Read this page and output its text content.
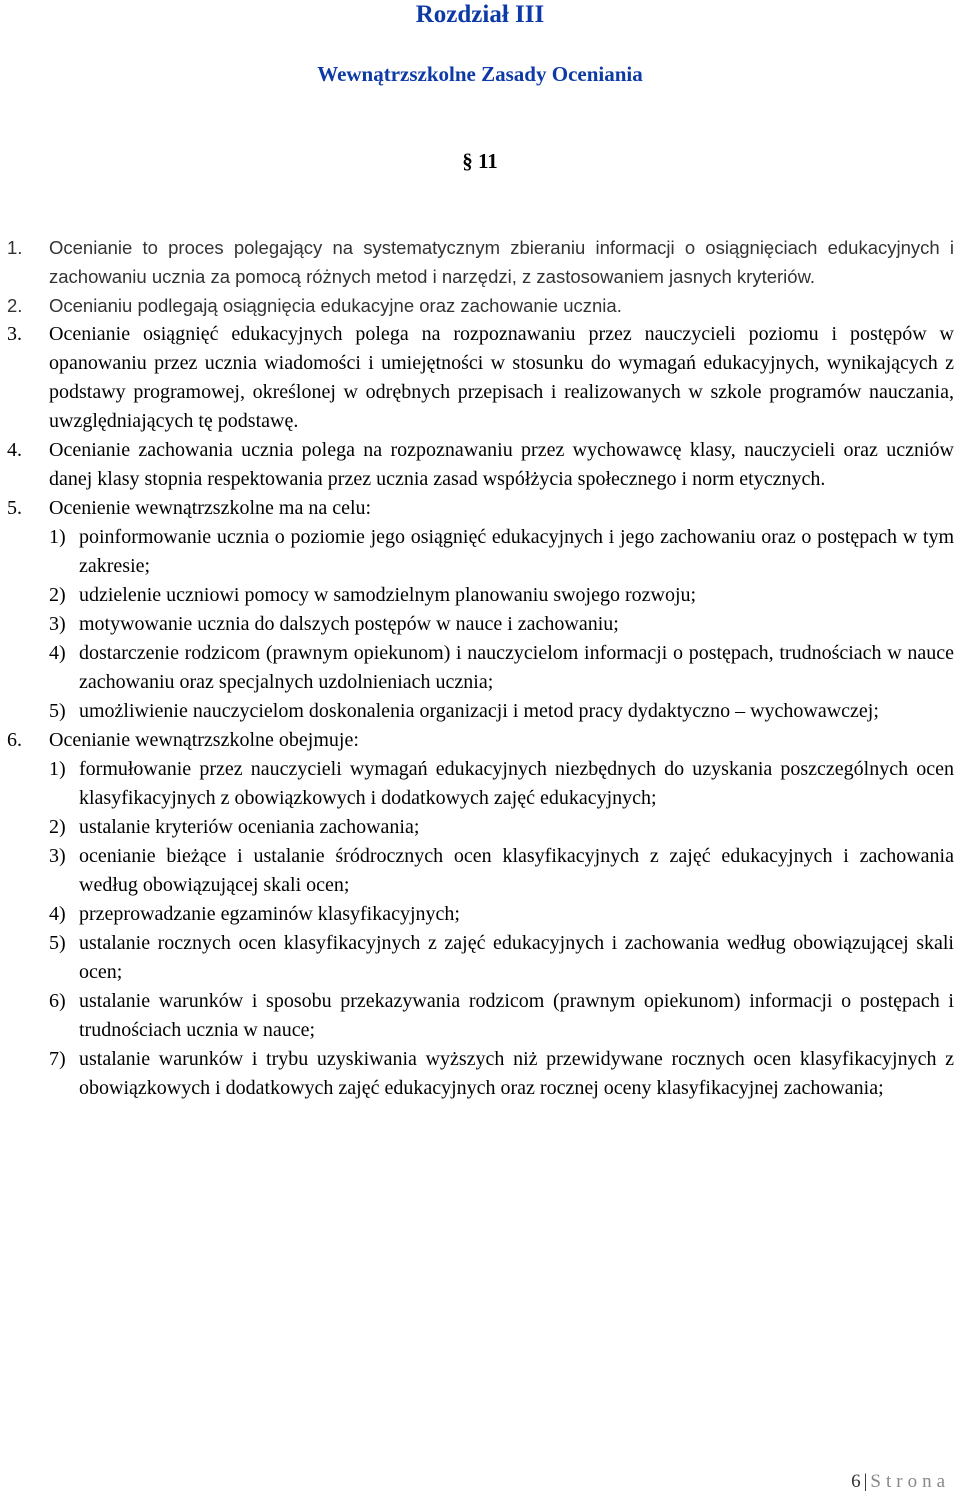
Rozdział III
Wewnątrzszkolne Zasady Oceniania
§ 11
1. Ocenianie to proces polegający na systematycznym zbieraniu informacji o osiągnięciach edukacyjnych i zachowaniu ucznia za pomocą różnych metod i narzędzi, z zastosowaniem jasnych kryteriów.
2. Ocenianiu podlegają osiągnięcia edukacyjne oraz zachowanie ucznia.
3. Ocenianie osiągnięć edukacyjnych polega na rozpoznawaniu przez nauczycieli poziomu i postępów w opanowaniu przez ucznia wiadomości i umiejętności w stosunku do wymagań edukacyjnych, wynikających z podstawy programowej, określonej w odrębnych przepisach i realizowanych w szkole programów nauczania, uwzględniających tę podstawę.
4. Ocenianie zachowania ucznia polega na rozpoznawaniu przez wychowawcę klasy, nauczycieli oraz uczniów danej klasy stopnia respektowania przez ucznia zasad współżycia społecznego i norm etycznych.
5. Ocenienie wewnątrzszkolne ma na celu:
1) poinformowanie ucznia o poziomie jego osiągnięć edukacyjnych i jego zachowaniu oraz o postępach w tym zakresie;
2) udzielenie uczniowi pomocy w samodzielnym planowaniu swojego rozwoju;
3) motywowanie ucznia do dalszych postępów w nauce i zachowaniu;
4) dostarczenie rodzicom (prawnym opiekunom) i nauczycielom informacji o postępach, trudnościach w nauce zachowaniu oraz specjalnych uzdolnieniach ucznia;
5) umożliwienie nauczycielom doskonalenia organizacji i metod pracy dydaktyczno – wychowawczej;
6. Ocenianie wewnątrzszkolne obejmuje:
1) formułowanie przez nauczycieli wymagań edukacyjnych niezbędnych do uzyskania poszczególnych ocen klasyfikacyjnych z obowiązkowych i dodatkowych zajęć edukacyjnych;
2) ustalanie kryteriów oceniania zachowania;
3) ocenianie bieżące i ustalanie śródrocznych ocen klasyfikacyjnych z zajęć edukacyjnych i zachowania według obowiązującej skali ocen;
4) przeprowadzanie egzaminów klasyfikacyjnych;
5) ustalanie rocznych ocen klasyfikacyjnych z zajęć edukacyjnych i zachowania według obowiązującej skali ocen;
6) ustalanie warunków i sposobu przekazywania rodzicom (prawnym opiekunom) informacji o postępach i trudnościach ucznia w nauce;
7) ustalanie warunków i trybu uzyskiwania wyższych niż przewidywane rocznych ocen klasyfikacyjnych z obowiązkowych i dodatkowych zajęć edukacyjnych oraz rocznej oceny klasyfikacyjnej zachowania;
6 | Strona
